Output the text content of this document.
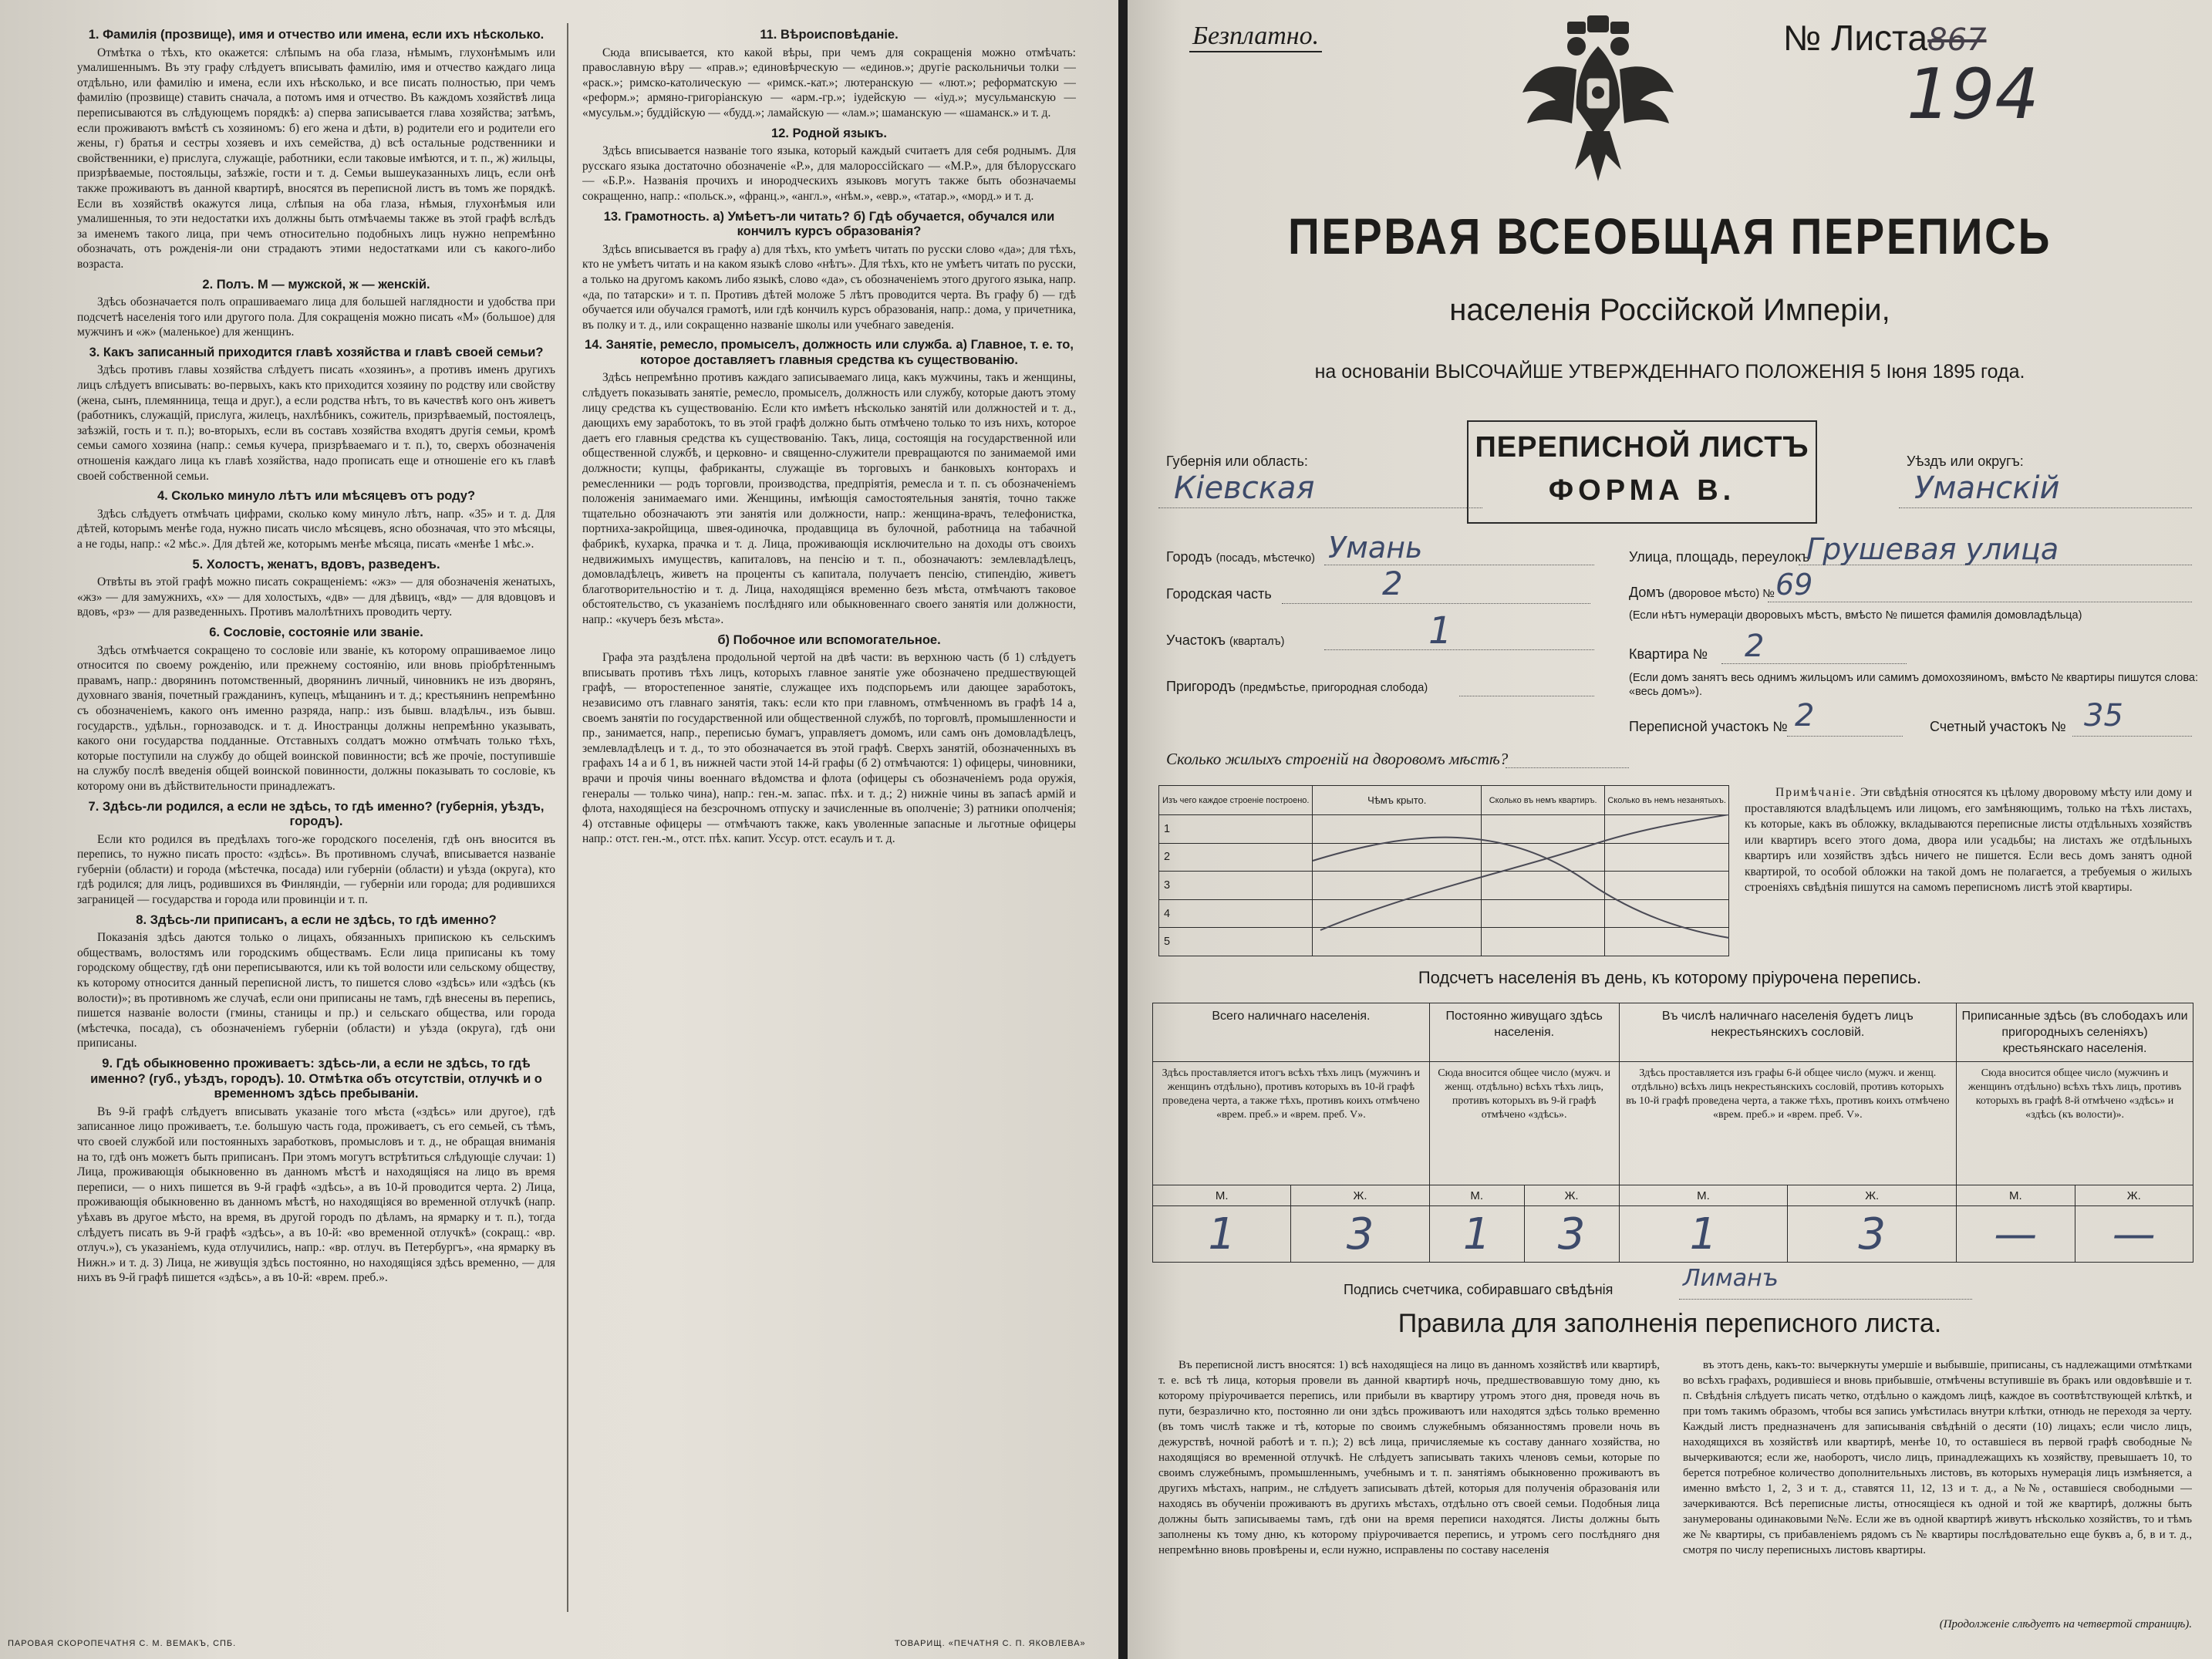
1. Фамилія (прозвище), имя и отчество или имена, если ихъ нѣсколько.
Отмѣтка о тѣхъ, кто окажется: слѣпымъ на оба глаза, нѣмымъ, глухонѣмымъ или умалишеннымъ. Въ эту графу слѣдуетъ вписывать фамилію, имя и отчество каждаго лица отдѣльно, или фамилію и имена, если ихъ нѣсколько, и все писать полностью, при чемъ фамилію (прозвище) ставить сначала, а потомъ имя и отчество. Въ каждомъ хозяйствѣ лица переписываются въ слѣдующемъ порядкѣ: а) сперва записывается глава хозяйства; затѣмъ, если проживаютъ вмѣстѣ съ хозяиномъ: б) его жена и дѣти, в) родители его и родители его жены, г) братья и сестры хозяевъ и ихъ семейства, д) всѣ остальные родственники и свойственники, е) прислуга, служащіе, работники, если таковые имѣются, и т. п., ж) жильцы, призрѣваемые, постояльцы, заѣзжіе, гости и т. д. Семьи вышеуказанныхъ лицъ, если онѣ также проживаютъ въ данной квартирѣ, вносятся въ переписной листъ въ томъ же порядкѣ. Если въ хозяйствѣ окажутся лица, слѣпыя на оба глаза, нѣмыя, глухонѣмыя или умалишенныя, то эти недостатки ихъ должны быть отмѣчаемы также въ этой графѣ вслѣдъ за именемъ такого лица, при чемъ относительно подобныхъ лицъ нужно непремѣнно обозначать, отъ рожденія-ли они страдаютъ этими недостатками или съ какого-либо возраста.
2. Полъ. М — мужской, ж — женскій.
Здѣсь обозначается полъ опрашиваемаго лица для большей наглядности и удобства при подсчетѣ населенія того или другого пола. Для сокращенія можно писать «М» (большое) для мужчинъ и «ж» (маленькое) для женщинъ.
3. Какъ записанный приходится главѣ хозяйства и главѣ своей семьи?
Здѣсь противъ главы хозяйства слѣдуетъ писать «хозяинъ», а противъ именъ другихъ лицъ слѣдуетъ вписывать: во-первыхъ, какъ кто приходится хозяину по родству или свойству (жена, сынъ, племянница, теща и друг.), а если родства нѣтъ, то въ качествѣ кого онъ живетъ (работникъ, служащій, прислуга, жилецъ, нахлѣбникъ, сожитель, призрѣваемый, постоялецъ, заѣзжій, гость и т. п.); во-вторыхъ, если въ составъ хозяйства входятъ другія семьи, кромѣ семьи самого хозяина (напр.: семья кучера, призрѣваемаго и т. п.), то, сверхъ обозначенія отношенія каждаго лица къ главѣ хозяйства, надо прописать еще и отношеніе его къ главѣ своей собственной семьи.
4. Сколько минуло лѣтъ или мѣсяцевъ отъ роду?
Здѣсь слѣдуетъ отмѣчать цифрами, сколько кому минуло лѣтъ, напр. «35» и т. д. Для дѣтей, которымъ менѣе года, нужно писать число мѣсяцевъ, ясно обозначая, что это мѣсяцы, а не годы, напр.: «2 мѣс.». Для дѣтей же, которымъ менѣе мѣсяца, писать «менѣе 1 мѣс.».
5. Холостъ, женатъ, вдовъ, разведенъ.
Отвѣты въ этой графѣ можно писать сокращеніемъ: «жз» — для обозначенія женатыхъ, «жз» — для замужнихъ, «х» — для холостыхъ, «дв» — для дѣвицъ, «вд» — для вдовцовъ и вдовъ, «рз» — для разведенныхъ. Противъ малолѣтнихъ проводить черту.
6. Сословіе, состояніе или званіе.
Здѣсь отмѣчается сокращено то сословіе или званіе, къ которому опрашиваемое лицо относится по своему рожденію, или прежнему состоянію, или вновь пріобрѣтеннымъ правамъ, напр.: дворянинъ потомственный, дворянинъ личный, чиновникъ не изъ дворянъ, духовнаго званія, почетный гражданинъ, купецъ, мѣщанинъ и т. д.; крестьянинъ непремѣнно съ обозначеніемъ, какого онъ именно разряда, напр.: изъ бывш. владѣльч., изъ бывш. государств., удѣльн., горнозаводск. и т. д. Иностранцы должны непремѣнно указывать, какого они государства подданные. Отставныхъ солдатъ можно отмѣчать только тѣхъ, которые поступили на службу до общей воинской повинности; всѣ же прочіе, поступившіе на службу послѣ введенія общей воинской повинности, должны показывать то сословіе, къ которому они въ дѣйствительности принадлежатъ.
7. Здѣсь-ли родился, а если не здѣсь, то гдѣ именно? (губернія, уѣздъ, городъ).
Если кто родился въ предѣлахъ того-же городского поселенія, гдѣ онъ вносится въ перепись, то нужно писать просто: «здѣсь». Въ противномъ случаѣ, вписывается названіе губерніи (области) и города (мѣстечка, посада) или губерніи (области) и уѣзда (округа), кто гдѣ родился; для лицъ, родившихся въ Финляндіи, — губерніи или города; для родившихся заграницей — государства и города или провинціи и т. п.
8. Здѣсь-ли приписанъ, а если не здѣсь, то гдѣ именно?
Показанія здѣсь даются только о лицахъ, обязанныхъ припискою къ сельскимъ обществамъ, волостямъ или городскимъ обществамъ. Если лица приписаны къ тому городскому обществу, гдѣ они переписываются, или къ той волости или сельскому обществу, къ которому относится данный переписной листъ, то пишется слово «здѣсь» или «здѣсь (къ волости)»; въ противномъ же случаѣ, если они приписаны не тамъ, гдѣ внесены въ перепись, пишется названіе волости (гмины, станицы и пр.) и сельскаго общества, или города (мѣстечка, посада), съ обозначеніемъ губерніи (области) и уѣзда (округа), гдѣ они приписаны.
9. Гдѣ обыкновенно проживаетъ: здѣсь-ли, а если не здѣсь, то гдѣ именно? (губ., уѣздъ, городъ). 10. Отмѣтка объ отсутствіи, отлучкѣ и о временномъ здѣсь пребываніи.
Въ 9-й графѣ слѣдуетъ вписывать указаніе того мѣста («здѣсь» или другое), гдѣ записанное лицо проживаетъ, т.е. большую часть года, проживаетъ, съ его семьей, съ тѣмъ, что своей службой или постоянныхъ заработковъ, промысловъ и т. д., не обращая вниманія на то, гдѣ онъ можетъ быть приписанъ. При этомъ могутъ встрѣтиться слѣдующіе случаи: 1) Лица, проживающія обыкновенно въ данномъ мѣстѣ и находящіяся на лицо въ время переписи, — о нихъ пишется въ 9-й графѣ «здѣсь», а въ 10-й проводится черта. 2) Лица, проживающія обыкновенно въ данномъ мѣстѣ, но находящіяся во временной отлучкѣ (напр. уѣхавъ въ другое мѣсто, на время, въ другой городъ по дѣламъ, на ярмарку и т. п.), тогда слѣдуетъ писать въ 9-й графѣ «здѣсь», а въ 10-й: «во временной отлучкѣ» (сокращ.: «вр. отлуч.»), съ указаніемъ, куда отлучились, напр.: «вр. отлуч. въ Петербургъ», «на ярмарку въ Нижн.» и т. д. 3) Лица, не живущія здѣсь постоянно, но находящіяся здѣсь временно, — для нихъ въ 9-й графѣ пишется «здѣсь», а въ 10-й: «врем. преб.».
11. Вѣроисповѣданіе.
Сюда вписывается, кто какой вѣры, при чемъ для сокращенія можно отмѣчать: православную вѣру — «прав.»; единовѣрческую — «единов.»; другіе раскольничьи толки — «раск.»; римско-католическую — «римск.-кат.»; лютеранскую — «лют.»; реформатскую — «реформ.»; армяно-григоріанскую — «арм.-гр.»; іудейскую — «іуд.»; мусульманскую — «мусульм.»; буддійскую — «будд.»; ламайскую — «лам.»; шаманскую — «шаманск.» и т. д.
12. Родной языкъ.
Здѣсь вписывается названіе того языка, который каждый считаетъ для себя роднымъ. Для русскаго языка достаточно обозначеніе «Р.», для малороссійскаго — «М.Р.», для бѣлорусскаго — «Б.Р.». Названія прочихъ и инородческихъ языковъ могутъ также быть обозначаемы сокращенно, напр.: «польск.», «франц.», «англ.», «нѣм.», «евр.», «татар.», «морд.» и т. д.
13. Грамотность. а) Умѣетъ-ли читать? б) Гдѣ обучается, обучался или кончилъ курсъ образованія?
Здѣсь вписывается въ графу а) для тѣхъ, кто умѣетъ читать по русски слово «да»; для тѣхъ, кто не умѣетъ читать и на каком языкѣ слово «нѣтъ». Для тѣхъ, кто не умѣетъ читать по русски, а только на другомъ какомъ либо языкѣ, слово «да», съ обозначеніемъ этого другого языка, напр. «да, по татарски» и т. п. Противъ дѣтей моложе 5 лѣтъ проводится черта. Въ графу б) — гдѣ обучается или обучался грамотѣ, или гдѣ кончилъ курсъ образованія, напр.: дома, у причетника, въ полку и т. д., или сокращенно названіе школы или учебнаго заведенія.
14. Занятіе, ремесло, промыселъ, должность или служба. а) Главное, т. е. то, которое доставляетъ главныя средства къ существованію.
Здѣсь непремѣнно противъ каждаго записываемаго лица, какъ мужчины, такъ и женщины, слѣдуетъ показывать занятіе, ремесло, промыселъ, должность или службу, которые даютъ этому лицу средства къ существованію. Если кто имѣетъ нѣсколько занятій или должностей и т. д., дающихъ ему заработокъ, то въ этой графѣ должно быть отмѣчено только то изъ нихъ, которое даетъ его главныя средства къ существованію. Такъ, лица, состоящія на государственной или общественной службѣ, и церковно- и священно-служители превращаются по занимаемой ими должности; купцы, фабриканты, служащіе въ торговыхъ и банковыхъ конторахъ и ремесленники — родъ торговли, производства, предпріятія, ремесла и т. п. съ обозначеніемъ положенія занимаемаго ими. Женщины, имѣющія самостоятельныя занятія, точно также тщательно обозначаютъ эти занятія или должности, напр.: женщина-врачъ, телефонистка, портниха-закройщица, швея-одиночка, продавщица въ булочной, работница на табачной фабрикѣ, кухарка, прачка и т. д. Лица, проживающія исключительно на доходы отъ своихъ недвижимыхъ имуществъ, капиталовъ, на пенсію и т. п., обозначаютъ: землевладѣлецъ, домовладѣлецъ, живетъ на проценты съ капитала, получаетъ пенсію, стипендію, живетъ благотворительностію и т. д. Лица, находящіяся временно безъ мѣста, отмѣчаютъ таковое обстоятельство, съ указаніемъ послѣдняго или обыкновеннаго своего занятія или должности, напр.: «кучеръ безъ мѣста».
б) Побочное или вспомогательное.
Графа эта раздѣлена продольной чертой на двѣ части: въ верхнюю часть (б 1) слѣдуетъ вписывать противъ тѣхъ лицъ, которыхъ главное занятіе уже обозначено предшествующей графѣ, — второстепенное занятіе, служащее ихъ подспорьемъ или дающее заработокъ, независимо отъ главнаго занятія, такъ: если кто при главномъ, отмѣченномъ въ графѣ 14 а, своемъ занятіи по государственной или общественной службѣ, по торговлѣ, промышленности и пр., занимается, напр., переписью бумагъ, управляетъ домомъ, или самъ онъ домовладѣлецъ, землевладѣлецъ и т. д., то это обозначается въ этой графѣ. Сверхъ занятій, обозначенныхъ въ графахъ 14 а и б 1, въ нижней части этой 14-й графы (б 2) отмѣчаются: 1) офицеры, чиновники, врачи и прочія чины военнаго вѣдомства и флота (офицеры съ обозначеніемъ рода оружія, генералы — только чина), напр.: ген.-м. запас. пѣх. и т. д.; 2) нижніе чины въ запасѣ армій и флота, находящіеся на безсрочномъ отпуску и зачисленные въ ополченіе; 3) ратники ополченія; 4) отставные офицеры — отмѣчаютъ также, какъ уволенные запасные и льготные офицеры напр.: отст. ген.-м., отст. пѣх. капит. Уссур. отст. есаулъ и т. д.
ПАРОВАЯ СКОРОПЕЧАТНЯ С. М. ВЕМАКЪ, СПБ.	ТОВАРИЩ. «ПЕЧАТНЯ С. П. ЯКОВЛЕВА»
Безплатно.	№ Листа867
194
ПЕРВАЯ ВСЕОБЩАЯ ПЕРЕПИСЬ
населенія Россійской Имперіи,
на основаніи ВЫСОЧАЙШЕ УТВЕРЖДЕННАГО ПОЛОЖЕНІЯ 5 Іюня 1895 года.
Губернія или область:
Кіевская
ПЕРЕПИСНОЙ ЛИСТЪ
ФОРМА В.
Уѣздъ или округъ:
Уманскій
Городъ (посадъ, мѣстечко) Умань
Городская часть	2
Участокъ (кварталъ)	1
Пригородъ (предмѣстье, пригородная слобода)
Улица, площадь, переулокъ
Грушевая улица
Домъ (дворовое мѣсто) № 69
(Если нѣтъ нумераціи дворовыхъ мѣстъ, вмѣсто № пишется фамилія домовладѣльца)
Квартира № 2
(Если домъ занятъ весь однимъ жильцомъ или самимъ домохозяиномъ, вмѣсто № квартиры пишутся слова: «весь домъ»).
Переписной участокъ № 2	Счетный участокъ № 35
Сколько жилыхъ строеній на дворовомъ мѣстѣ?
Изъ чего каждое строеніе построено.	Чѣмъ крыто.	Сколько въ немъ квартиръ.	Сколько въ немъ незанятыхъ.
1			
2			
3			
4			
5			
Примѣчаніе. Эти свѣдѣнія относятся къ цѣлому дворовому мѣсту или дому и проставляются владѣльцемъ или лицомъ, его замѣняющимъ, только на тѣхъ листахъ, къ которые, какъ въ обложку, вкладываются переписные листы отдѣльныхъ хозяйствъ или квартиръ всего этого дома, двора или усадьбы; на листахъ же отдѣльныхъ квартиръ или хозяйствъ здѣсь ничего не пишется. Если весь домъ занятъ одной квартирой, то особой обложки на такой домъ не полагается, а требуемыя о жилыхъ строеніяхъ свѣдѣнія пишутся на самомъ переписномъ листѣ этой квартиры.
Подсчетъ населенія въ день, къ которому пріурочена перепись.
Всего наличнаго населенія.		Постоянно живущаго здѣсь населенія.		Въ числѣ наличнаго населенія будетъ лицъ некрестьянскихъ сословій.		Приписанные здѣсь (въ слободахъ или пригородныхъ селеніяхъ) крестьянскаго населенія.	
Здѣсь проставляется итогъ всѣхъ тѣхъ лицъ (мужчинъ и женщинъ отдѣльно), противъ которыхъ въ 10-й графѣ проведена черта, а также тѣхъ, противъ коихъ отмѣчено «врем. преб.» и «врем. преб. V».		Сюда вносится общее число (мужч. и женщ. отдѣльно) всѣхъ тѣхъ лицъ, противъ которыхъ въ 9-й графѣ отмѣчено «здѣсь».		Здѣсь проставляется изъ графы 6-й общее число (мужч. и женщ. отдѣльно) всѣхъ лицъ некрестьянскихъ сословій, противъ которыхъ въ 10-й графѣ проведена черта, а также тѣхъ, противъ коихъ отмѣчено «врем. преб.» и «врем. преб. V».		Сюда вносится общее число (мужчинъ и женщинъ отдѣльно) всѣхъ тѣхъ лицъ, противъ которыхъ въ графѣ 8-й отмѣчено «здѣсь» и «здѣсь (къ волости)».	
М.	Ж.	М.	Ж.	М.	Ж.	М.	Ж.
1	3	1	3	1	3	—	—
Подпись счетчика, собиравшаго свѣдѣнія	Лиманъ
Правила для заполненія переписного листа.
Въ переписной листъ вносятся: 1) всѣ находящіеся на лицо въ данномъ хозяйствѣ или квартирѣ, т. е. всѣ тѣ лица, которыя провели въ данной квартирѣ ночь, предшествовавшую тому дню, къ которому пріурочивается перепись, или прибыли въ квартиру утромъ этого дня, проведя ночь въ пути, безразлично кто, постоянно ли они здѣсь проживаютъ или находятся здѣсь только временно (въ томъ числѣ также и тѣ, которые по своимъ служебнымъ обязанностямъ провели ночь въ дежурствѣ, ночной работѣ и т. п.); 2) всѣ лица, причисляемые къ составу даннаго хозяйства, но находящіяся во временной отлучкѣ. Не слѣдуетъ записывать такихъ членовъ семьи, которые по своимъ служебнымъ, промышленнымъ, учебнымъ и т. п. занятіямъ обыкновенно проживаютъ въ другихъ мѣстахъ, наприм., не слѣдуетъ записывать дѣтей, которыя для полученія образованія или находясь въ обученіи проживаютъ въ другихъ мѣстахъ, отдѣльно отъ своей семьи. Подобныя лица должны быть записываемы тамъ, гдѣ они на время переписи находятся. Листы должны быть заполнены къ тому дню, къ которому пріурочивается перепись, и утромъ сего послѣдняго дня непремѣнно вновь провѣрены и, если нужно, исправлены по составу населенія
въ этотъ день, какъ-то: вычеркнуты умершіе и выбывшіе, приписаны, съ надлежащими отмѣтками во всѣхъ графахъ, родившіеся и вновь прибывшіе, отмѣчены вступившіе въ бракъ или овдовѣвшіе и т. п. Свѣдѣнія слѣдуетъ писать четко, отдѣльно о каждомъ лицѣ, каждое въ соотвѣтствующей клѣткѣ, и при томъ такимъ образомъ, чтобы вся запись умѣстилась внутри клѣтки, отнюдь не переходя за черту. Каждый листъ предназначенъ для записыванія свѣдѣній о десяти (10) лицахъ; если число лицъ, находящихся въ хозяйствѣ или квартирѣ, менѣе 10, то оставшіеся въ первой графѣ свободные № вычеркиваются; если же, наоборотъ, число лицъ, принадлежащихъ къ хозяйству, превышаетъ 10, то берется потребное количество дополнительныхъ листовъ, въ которыхъ нумерація лицъ измѣняется, а именно вмѣсто 1, 2, 3 и т. д., ставятся 11, 12, 13 и т. д., а №№, оставшіеся свободными — зачеркиваются. Всѣ переписные листы, относящіеся къ одной и той же квартирѣ, должны быть занумерованы одинаковыми №№. Если же въ одной квартирѣ живутъ нѣсколько хозяйствъ, то и тѣмъ же № квартиры, съ прибавленіемъ рядомъ съ № квартиры послѣдовательно еще буквъ а, б, в и т. д., смотря по числу переписныхъ листовъ квартиры.
(Продолженіе слѣдуетъ на четвертой страницѣ).
